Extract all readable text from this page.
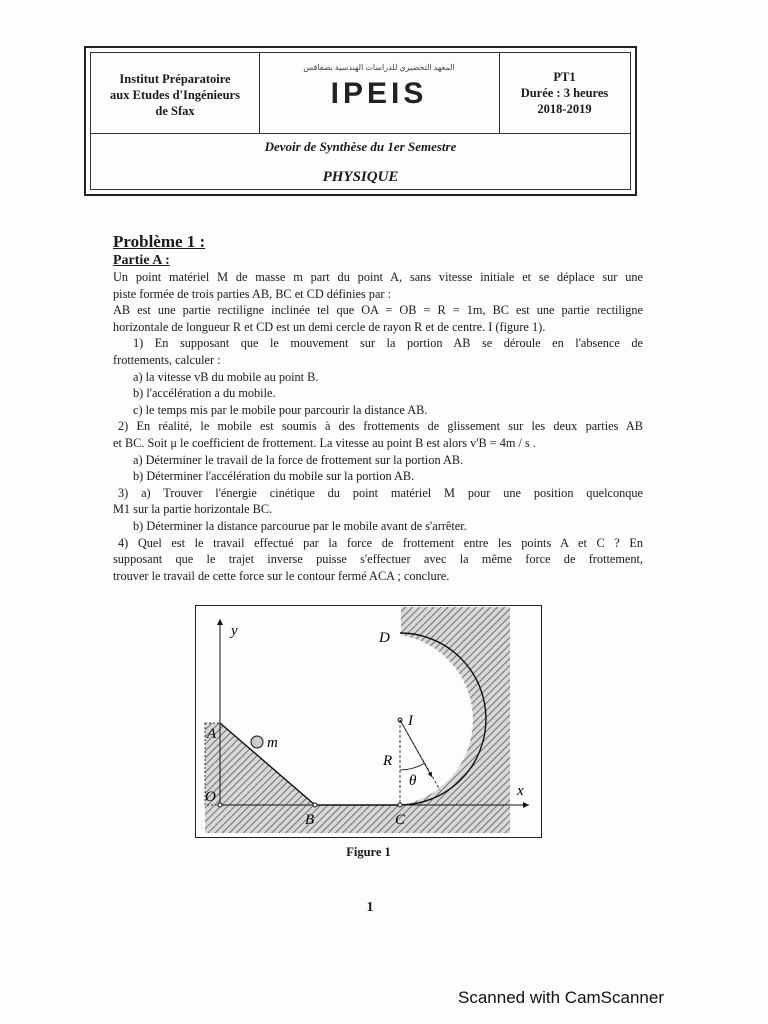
Institut Préparatoire
aux Etudes d'Ingénieurs
de Sfax
المعهد التحضيري للدراسات الهندسية بصفاقس
IPEIS	PT1
Durée : 3 heures
2018-2019
Devoir de Synthèse du 1er Semestre
PHYSIQUE

Problème 1 :

Partie A :

Un point matériel M de masse m part du point A, sans vitesse initiale et se déplace sur une

piste formée de trois parties AB, BC et CD définies par :

AB est une partie rectiligne inclinée tel que OA = OB = R = 1m, BC est une partie rectiligne

horizontale de longueur R et CD est un demi cercle de rayon R et de centre. I (figure 1).

1) En supposant que le mouvement sur la portion AB se déroule en l'absence de

frottements, calculer :

a) la vitesse vB du mobile au point B.

b) l'accélération a du mobile.

c) le temps mis par le mobile pour parcourir la distance AB.

2) En réalité, le mobile est soumis à des frottements de glissement sur les deux parties AB

et BC. Soit μ le coefficient de frottement. La vitesse au point B est alors v'B = 4m / s .

a) Déterminer le travail de la force de frottement sur la portion AB.

b) Déterminer l'accélération du mobile sur la portion AB.

3) a) Trouver l'énergie cinétique du point matériel M pour une position quelconque

M1 sur la partie horizontale BC.

b) Déterminer la distance parcourue par le mobile avant de s'arrêter.

4) Quel est le travail effectué par la force de frottement entre les points A et C ? En

supposant que le trajet inverse puisse s'effectuer avec la même force de frottement,

trouver le travail de cette force sur le contour fermé ACA ; conclure.

y
x
A
O
B	C
D
I
R
θ
m
Figure 1
1
Scanned with CamScanner
